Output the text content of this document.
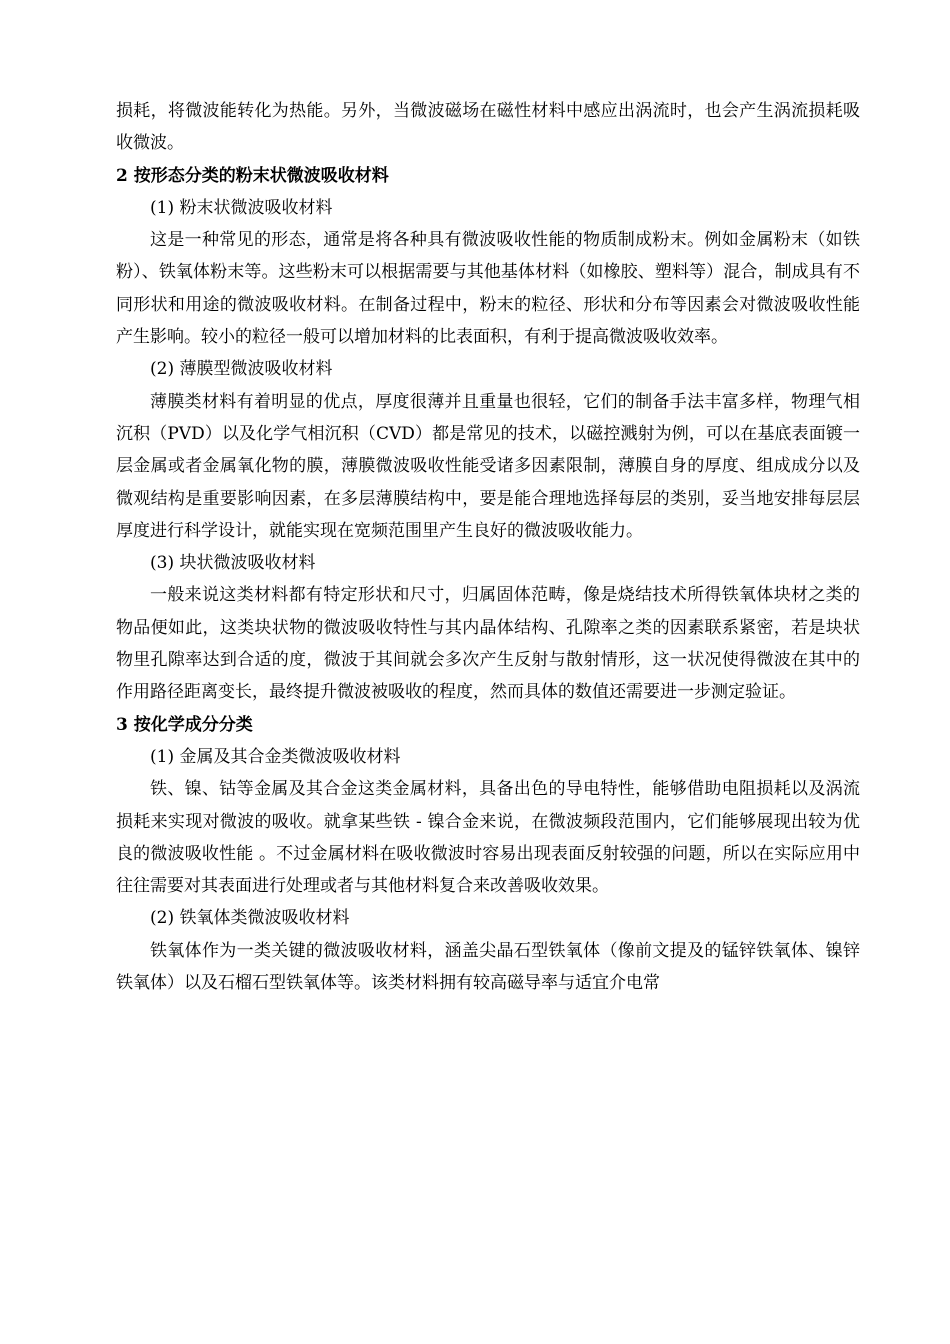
损耗，将微波能转化为热能。另外，当微波磁场在磁性材料中感应出涡流时，也会产生涡流损耗吸收微波。

2 按形态分类的粉末状微波吸收材料

(1) 粉末状微波吸收材料

这是一种常见的形态，通常是将各种具有微波吸收性能的物质制成粉末。例如金属粉末（如铁粉）、铁氧体粉末等。这些粉末可以根据需要与其他基体材料（如橡胶、塑料等）混合，制成具有不同形状和用途的微波吸收材料。在制备过程中，粉末的粒径、形状和分布等因素会对微波吸收性能产生影响。较小的粒径一般可以增加材料的比表面积，有利于提高微波吸收效率。

(2) 薄膜型微波吸收材料

薄膜类材料有着明显的优点，厚度很薄并且重量也很轻，它们的制备手法丰富多样，物理气相沉积（PVD）以及化学气相沉积（CVD）都是常见的技术，以磁控溅射为例，可以在基底表面镀一层金属或者金属氧化物的膜，薄膜微波吸收性能受诸多因素限制，薄膜自身的厚度、组成成分以及微观结构是重要影响因素，在多层薄膜结构中，要是能合理地选择每层的类别，妥当地安排每层层厚度进行科学设计，就能实现在宽频范围里产生良好的微波吸收能力。

(3) 块状微波吸收材料

一般来说这类材料都有特定形状和尺寸，归属固体范畴，像是烧结技术所得铁氧体块材之类的物品便如此，这类块状物的微波吸收特性与其内晶体结构、孔隙率之类的因素联系紧密，若是块状物里孔隙率达到合适的度，微波于其间就会多次产生反射与散射情形，这一状况使得微波在其中的作用路径距离变长，最终提升微波被吸收的程度，然而具体的数值还需要进一步测定验证。

3 按化学成分分类

(1) 金属及其合金类微波吸收材料

铁、镍、钴等金属及其合金这类金属材料，具备出色的导电特性，能够借助电阻损耗以及涡流损耗来实现对微波的吸收。就拿某些铁 - 镍合金来说，在微波频段范围内，它们能够展现出较为优良的微波吸收性能 。不过金属材料在吸收微波时容易出现表面反射较强的问题，所以在实际应用中往往需要对其表面进行处理或者与其他材料复合来改善吸收效果。

(2) 铁氧体类微波吸收材料

铁氧体作为一类关键的微波吸收材料，涵盖尖晶石型铁氧体（像前文提及的锰锌铁氧体、镍锌铁氧体）以及石榴石型铁氧体等。该类材料拥有较高磁导率与适宜介电常
